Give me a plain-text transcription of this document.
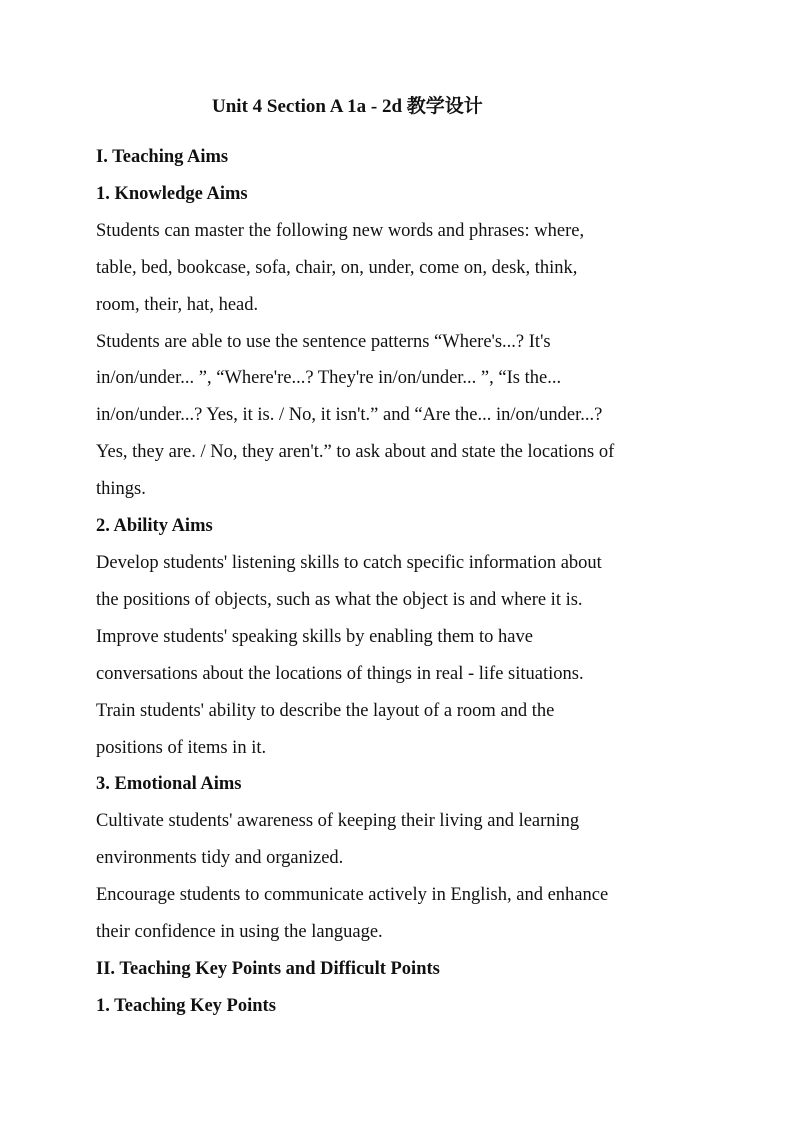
Unit 4 Section A 1a - 2d 教学设计

I. Teaching Aims

1. Knowledge Aims

Students can master the following new words and phrases: where,

table, bed, bookcase, sofa, chair, on, under, come on, desk, think,

room, their, hat, head.

Students are able to use the sentence patterns “Where's...? It's

in/on/under... ”, “Where're...? They're in/on/under... ”, “Is the...

in/on/under...? Yes, it is. / No, it isn't.” and “Are the... in/on/under...?

Yes, they are. / No, they aren't.” to ask about and state the locations of

things.

2. Ability Aims

Develop students' listening skills to catch specific information about

the positions of objects, such as what the object is and where it is.

Improve students' speaking skills by enabling them to have

conversations about the locations of things in real - life situations.

Train students' ability to describe the layout of a room and the

positions of items in it.

3. Emotional Aims

Cultivate students' awareness of keeping their living and learning

environments tidy and organized.

Encourage students to communicate actively in English, and enhance

their confidence in using the language.

II. Teaching Key Points and Difficult Points

1. Teaching Key Points
